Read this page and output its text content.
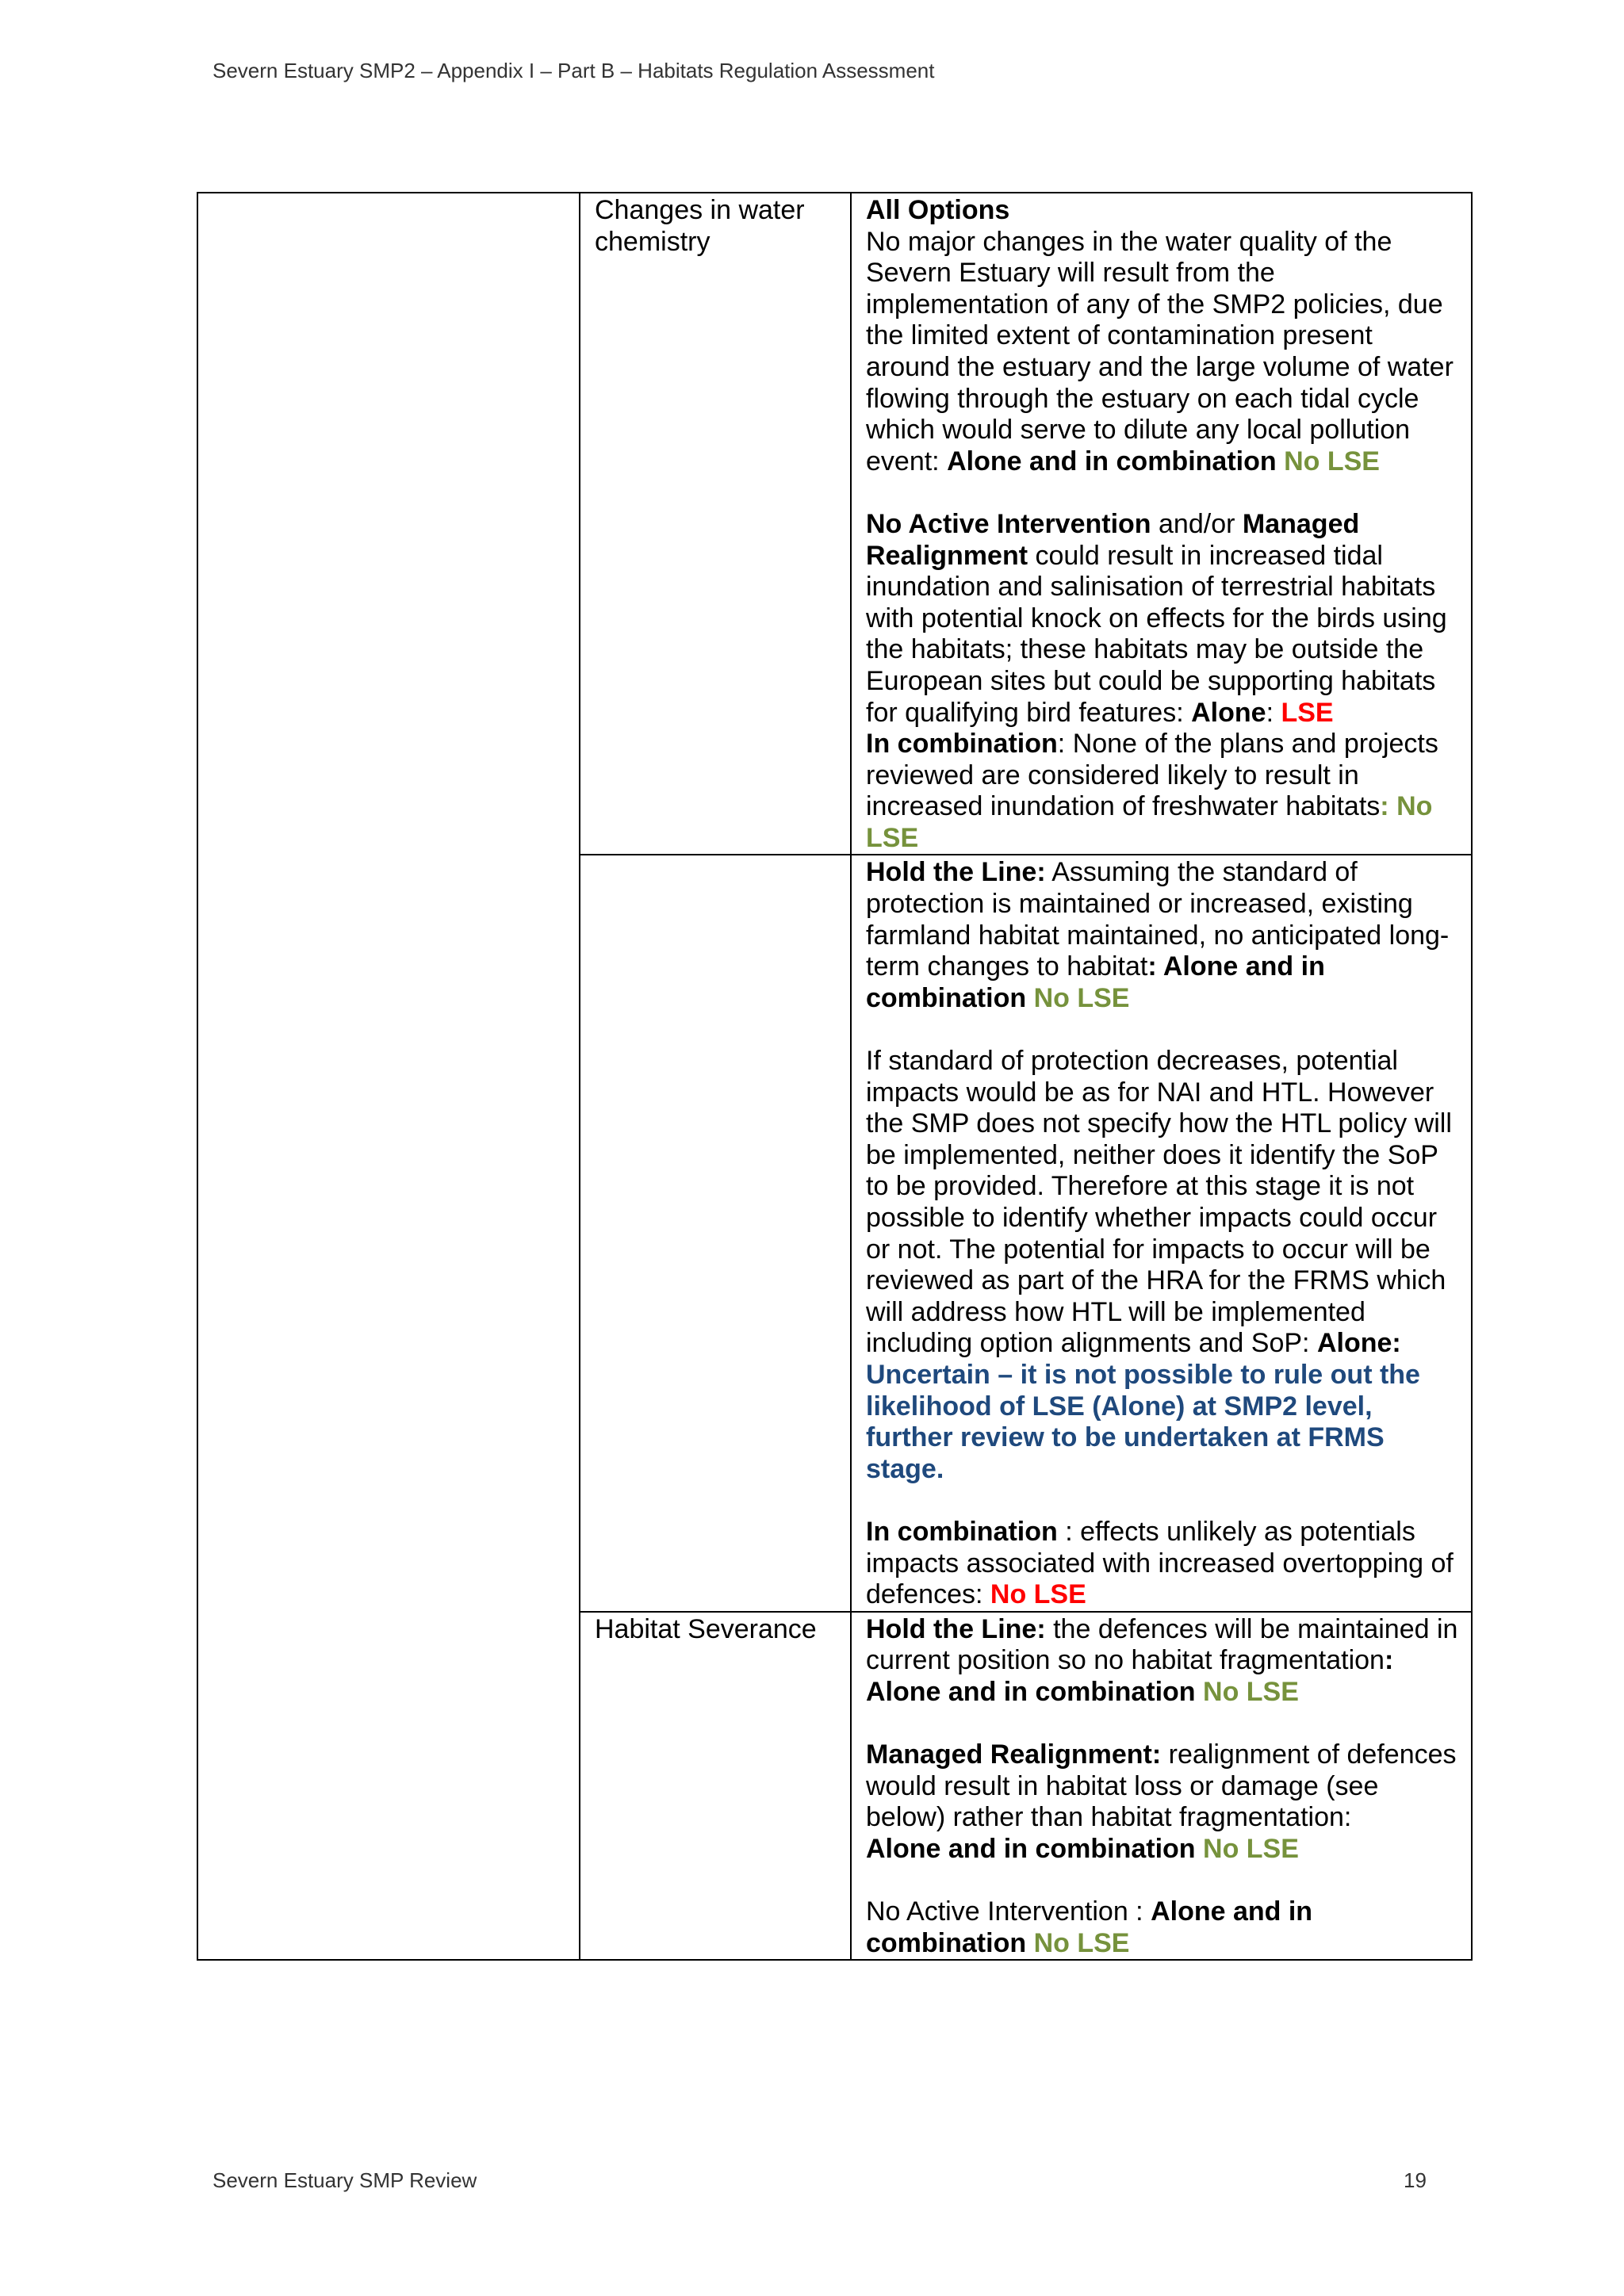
Severn Estuary SMP2 – Appendix I – Part B – Habitats Regulation Assessment
	Changes in water chemistry	All Options
No major changes in the water quality of the Severn Estuary will result from the implementation of any of the SMP2 policies, due the limited extent of contamination present around the estuary and the large volume of water flowing through the estuary on each tidal cycle which would serve to dilute any local pollution event: Alone and in combination No LSE

No Active Intervention and/or Managed Realignment could result in increased tidal inundation and salinisation of terrestrial habitats with potential knock on effects for the birds using the habitats; these habitats may be outside the European sites but could be supporting habitats for qualifying bird features: Alone: LSE
In combination: None of the plans and projects reviewed are considered likely to result in increased inundation of freshwater habitats: No LSE

		Hold the Line: Assuming the standard of protection is maintained or increased, existing farmland habitat maintained, no anticipated long-term changes to habitat: Alone and in combination No LSE

If standard of protection decreases, potential impacts would be as for NAI and HTL. However the SMP does not specify how the HTL policy will be implemented, neither does it identify the SoP to be provided. Therefore at this stage it is not possible to identify whether impacts could occur or not. The potential for impacts to occur will be reviewed as part of the HRA for the FRMS which will address how HTL will be implemented including option alignments and SoP: Alone: Uncertain – it is not possible to rule out the likelihood of LSE (Alone) at SMP2 level, further review to be undertaken at FRMS stage.

In combination : effects unlikely as potentials impacts associated with increased overtopping of defences: No LSE

	Habitat Severance	Hold the Line: the defences will be maintained in current position so no habitat fragmentation:
Alone and in combination No LSE

Managed Realignment: realignment of defences would result in habitat loss or damage (see below) rather than habitat fragmentation:
Alone and in combination No LSE

No Active Intervention : Alone and in combination No LSE

Severn Estuary SMP Review	19
